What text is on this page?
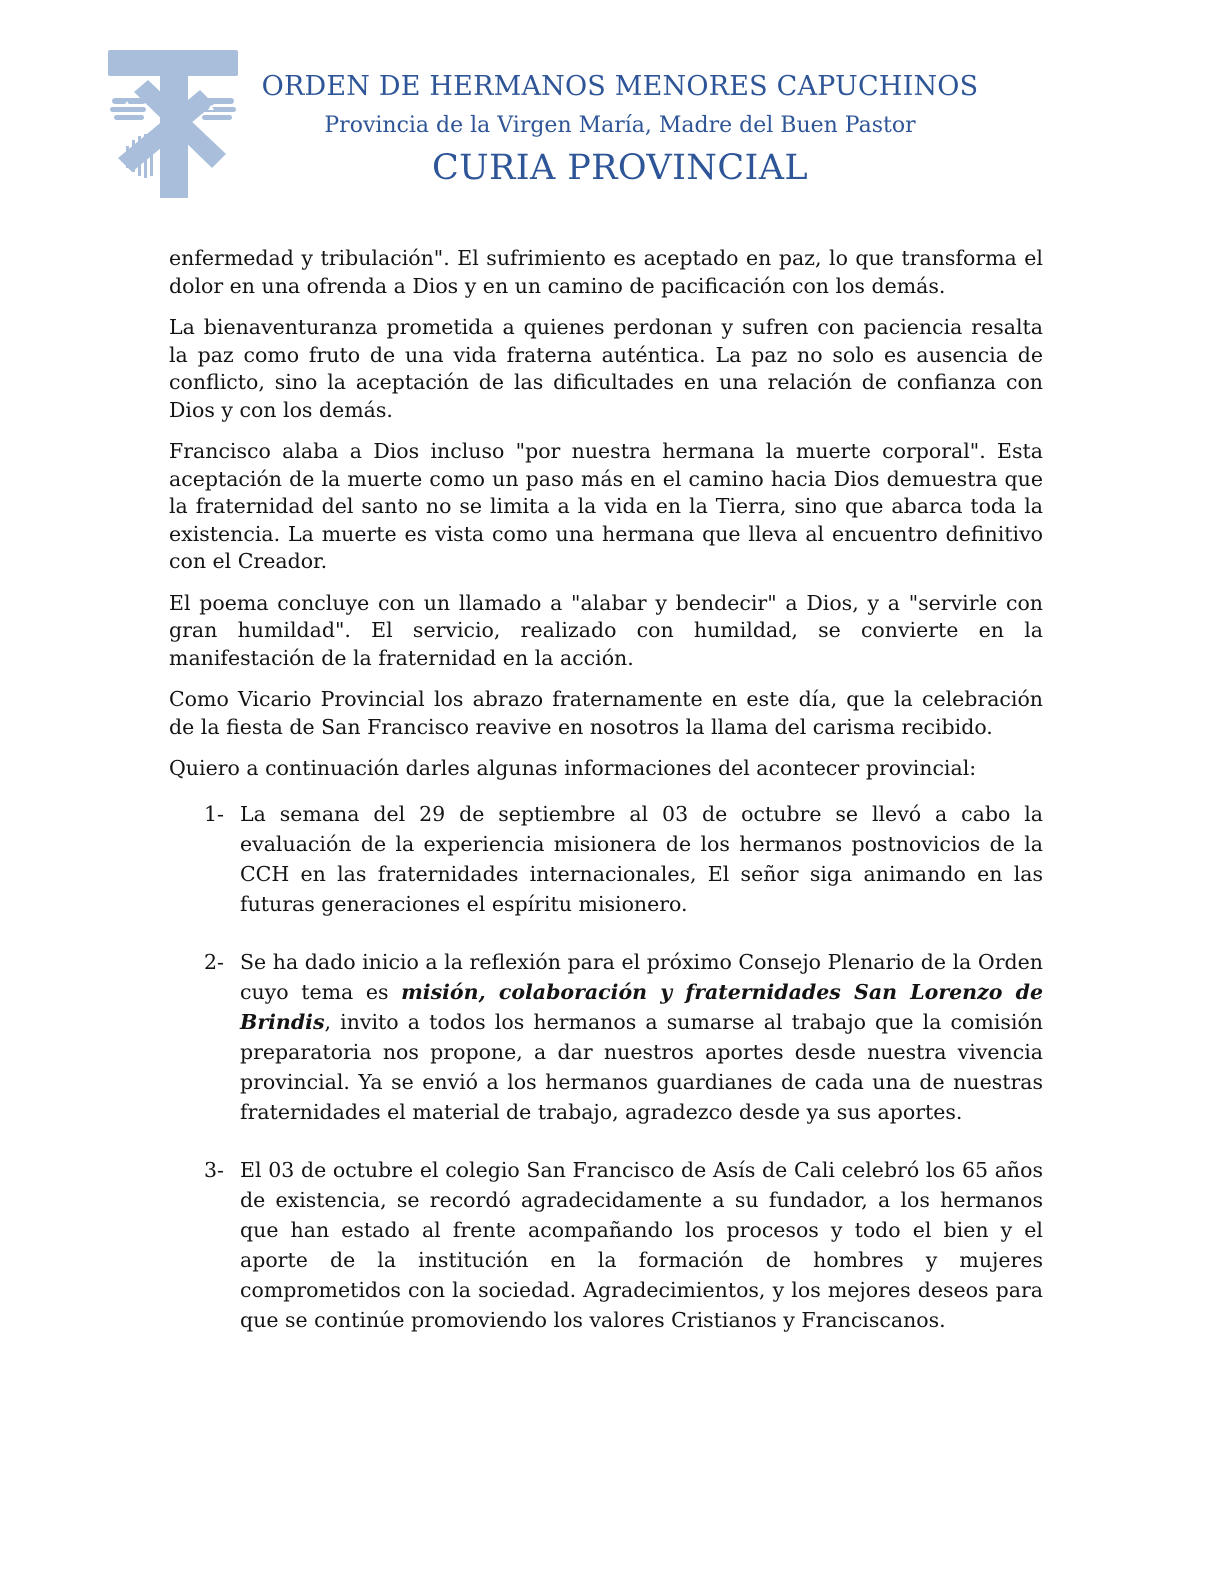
ORDEN DE HERMANOS MENORES CAPUCHINOS
Provincia de la Virgen María, Madre del Buen Pastor
CURIA PROVINCIAL

enfermedad y tribulación". El sufrimiento es aceptado en paz, lo que transforma el dolor en una ofrenda a Dios y en un camino de pacificación con los demás.

La bienaventuranza prometida a quienes perdonan y sufren con paciencia resalta la paz como fruto de una vida fraterna auténtica. La paz no solo es ausencia de conflicto, sino la aceptación de las dificultades en una relación de confianza con Dios y con los demás.

Francisco alaba a Dios incluso "por nuestra hermana la muerte corporal". Esta aceptación de la muerte como un paso más en el camino hacia Dios demuestra que la fraternidad del santo no se limita a la vida en la Tierra, sino que abarca toda la existencia. La muerte es vista como una hermana que lleva al encuentro definitivo con el Creador.

El poema concluye con un llamado a "alabar y bendecir" a Dios, y a "servirle con gran humildad". El servicio, realizado con humildad, se convierte en la manifestación de la fraternidad en la acción.

Como Vicario Provincial los abrazo fraternamente en este día, que la celebración de la fiesta de San Francisco reavive en nosotros la llama del carisma recibido.

Quiero a continuación darles algunas informaciones del acontecer provincial:

1- La semana del 29 de septiembre al 03 de octubre se llevó a cabo la evaluación de la experiencia misionera de los hermanos postnovicios de la CCH en las fraternidades internacionales, El señor siga animando en las futuras generaciones el espíritu misionero.
2- Se ha dado inicio a la reflexión para el próximo Consejo Plenario de la Orden cuyo tema es misión, colaboración y fraternidades San Lorenzo de Brindis, invito a todos los hermanos a sumarse al trabajo que la comisión preparatoria nos propone, a dar nuestros aportes desde nuestra vivencia provincial. Ya se envió a los hermanos guardianes de cada una de nuestras fraternidades el material de trabajo, agradezco desde ya sus aportes.
3- El 03 de octubre el colegio San Francisco de Asís de Cali celebró los 65 años de existencia, se recordó agradecidamente a su fundador, a los hermanos que han estado al frente acompañando los procesos y todo el bien y el aporte de la institución en la formación de hombres y mujeres comprometidos con la sociedad. Agradecimientos, y los mejores deseos para que se continúe promoviendo los valores Cristianos y Franciscanos.
